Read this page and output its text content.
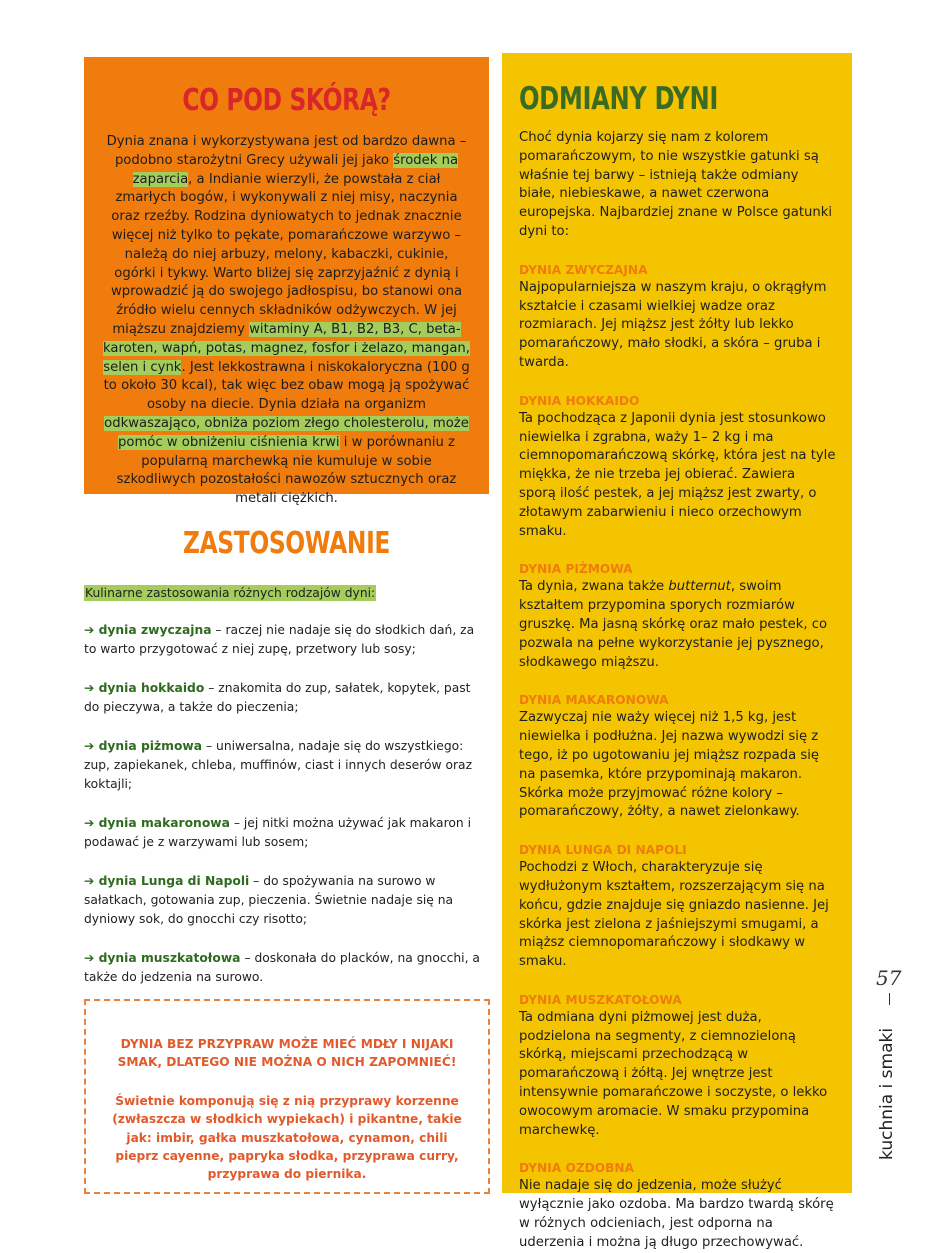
CO POD SKÓRĄ?

Dynia znana i wykorzystywana jest od bardzo dawna – podobno starożytni Grecy używali jej jako środek na zaparcia, a Indianie wierzyli, że powstała z ciał zmarłych bogów, i wykonywali z niej misy, naczynia oraz rzeźby. Rodzina dyniowatych to jednak znacznie więcej niż tylko to pękate, pomarańczowe warzywo – należą do niej arbuzy, melony, kabaczki, cukinie, ogórki i tykwy. Warto bliżej się zaprzyjaźnić z dynią i wprowadzić ją do swojego jadłospisu, bo stanowi ona źródło wielu cennych składników odżywczych. W jej miąższu znajdziemy witaminy A, B1, B2, B3, C, beta-karoten, wapń, potas, magnez, fosfor i żelazo, mangan, selen i cynk. Jest lekkostrawna i niskokaloryczna (100 g to około 30 kcal), tak więc bez obaw mogą ją spożywać osoby na diecie. Dynia działa na organizm odkwaszająco, obniża poziom złego cholesterolu, może pomóc w obniżeniu ciśnienia krwi i w porównaniu z popularną marchewką nie kumuluje w sobie szkodliwych pozostałości nawozów sztucznych oraz metali ciężkich.

ZASTOSOWANIE
Kulinarne zastosowania różnych rodzajów dyni:
➔ dynia zwyczajna – raczej nie nadaje się do słodkich dań, za to warto przygotować z niej zupę, przetwory lub sosy;
➔ dynia hokkaido – znakomita do zup, sałatek, kopytek, past do pieczywa, a także do pieczenia;
➔ dynia piżmowa – uniwersalna, nadaje się do wszystkiego: zup, zapiekanek, chleba, muffinów, ciast i innych deserów oraz koktajli;
➔ dynia makaronowa – jej nitki można używać jak makaron i podawać je z warzywami lub sosem;
➔ dynia Lunga di Napoli – do spożywania na surowo w sałatkach, gotowania zup, pieczenia. Świetnie nadaje się na dyniowy sok, do gnocchi czy risotto;
➔ dynia muszkatołowa – doskonała do placków, na gnocchi, a także do jedzenia na surowo.

DYNIA BEZ PRZYPRAW MOŻE MIEĆ MDŁY I NIJAKI SMAK, DLATEGO NIE MOŻNA O NICH ZAPOMNIEĆ!

Świetnie komponują się z nią przyprawy korzenne (zwłaszcza w słodkich wypiekach) i pikantne, takie jak: imbir, gałka muszkatołowa, cynamon, chili pieprz cayenne, papryka słodka, przyprawa curry, przyprawa do piernika.

ODMIANY DYNI

Choć dynia kojarzy się nam z kolorem pomarańczowym, to nie wszystkie gatunki są właśnie tej barwy – istnieją także odmiany białe, niebieskawe, a nawet czerwona europejska. Najbardziej znane w Polsce gatunki dyni to:

DYNIA ZWYCZAJNA

Najpopularniejsza w naszym kraju, o okrągłym kształcie i czasami wielkiej wadze oraz rozmiarach. Jej miąższ jest żółty lub lekko pomarańczowy, mało słodki, a skóra – gruba i twarda.

DYNIA HOKKAIDO

Ta pochodząca z Japonii dynia jest stosunkowo niewielka i zgrabna, waży 1– 2 kg i ma ciemnopomarańczową skórkę, która jest na tyle miękka, że nie trzeba jej obierać. Zawiera sporą ilość pestek, a jej miąższ jest zwarty, o złotawym zabarwieniu i nieco orzechowym smaku.

DYNIA PIŻMOWA

Ta dynia, zwana także butternut, swoim kształtem przypomina sporych rozmiarów gruszkę. Ma jasną skórkę oraz mało pestek, co pozwala na pełne wykorzystanie jej pysznego, słodkawego miąższu.

DYNIA MAKARONOWA

Zazwyczaj nie waży więcej niż 1,5 kg, jest niewielka i podłużna. Jej nazwa wywodzi się z tego, iż po ugotowaniu jej miąższ rozpada się na pasemka, które przypominają makaron. Skórka może przyjmować różne kolory – pomarańczowy, żółty, a nawet zielonkawy.

DYNIA LUNGA DI NAPOLI

Pochodzi z Włoch, charakteryzuje się wydłużonym kształtem, rozszerzającym się na końcu, gdzie znajduje się gniazdo nasienne. Jej skórka jest zielona z jaśniejszymi smugami, a miąższ ciemnopomarańczowy i słodkawy w smaku.

DYNIA MUSZKATOŁOWA

Ta odmiana dyni piżmowej jest duża, podzielona na segmenty, z ciemnozieloną skórką, miejscami przechodzącą w pomarańczową i żółtą. Jej wnętrze jest intensywnie pomarańczowe i soczyste, o lekko owocowym aromacie. W smaku przypomina marchewkę.

DYNIA OZDOBNA

Nie nadaje się do jedzenia, może służyć wyłącznie jako ozdoba. Ma bardzo twardą skórę w różnych odcieniach, jest odporna na uderzenia i można ją długo przechowywać.

57
kuchnia i smaki
